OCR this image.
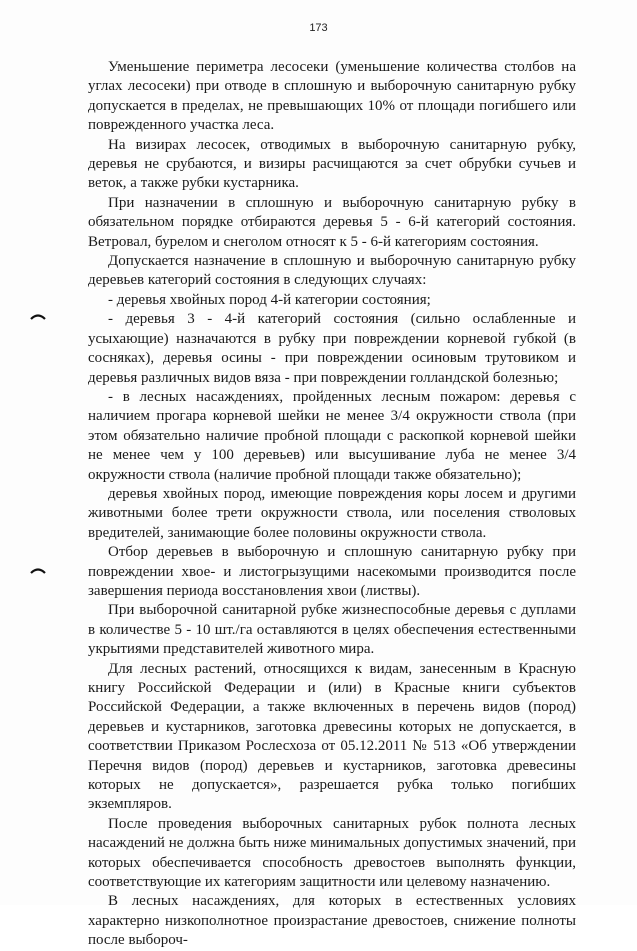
173

Уменьшение периметра лесосеки (уменьшение количества столбов на углах лесосеки) при отводе в сплошную и выборочную санитарную рубку допускается в пределах, не превышающих 10% от площади погибшего или поврежденного участка леса.

На визирах лесосек, отводимых в выборочную санитарную рубку, деревья не срубаются, и визиры расчищаются за счет обрубки сучьев и веток, а также рубки кустарника.

При назначении в сплошную и выборочную санитарную рубку в обязательном порядке отбираются деревья 5 - 6-й категорий состояния. Ветровал, бурелом и снеголом относят к 5 - 6-й категориям состояния.

Допускается назначение в сплошную и выборочную санитарную рубку деревьев категорий состояния в следующих случаях:

- деревья хвойных пород 4-й категории состояния;

- деревья 3 - 4-й категорий состояния (сильно ослабленные и усыхающие) назначаются в рубку при повреждении корневой губкой (в сосняках), деревья осины - при повреждении осиновым трутовиком и деревья различных видов вяза - при повреждении голландской болезнью;

- в лесных насаждениях, пройденных лесным пожаром: деревья с наличием прогара корневой шейки не менее 3/4 окружности ствола (при этом обязательно наличие пробной площади с раскопкой корневой шейки не менее чем у 100 деревьев) или высушивание луба не менее 3/4 окружности ствола (наличие пробной площади также обязательно);

деревья хвойных пород, имеющие повреждения коры лосем и другими животными более трети окружности ствола, или поселения стволовых вредителей, занимающие более половины окружности ствола.

Отбор деревьев в выборочную и сплошную санитарную рубку при повреждении хвое- и листогрызущими насекомыми производится после завершения периода восстановления хвои (листвы).

При выборочной санитарной рубке жизнеспособные деревья с дуплами в количестве 5 - 10 шт./га оставляются в целях обеспечения естественными укрытиями представителей животного мира.

Для лесных растений, относящихся к видам, занесенным в Красную книгу Российской Федерации и (или) в Красные книги субъектов Российской Федерации, а также включенных в перечень видов (пород) деревьев и кустарников, заготовка древесины которых не допускается, в соответствии Приказом Рослесхоза от 05.12.2011 № 513 «Об утверждении Перечня видов (пород) деревьев и кустарников, заготовка древесины которых не допускается», разрешается рубка только погибших экземпляров.

После проведения выборочных санитарных рубок полнота лесных насаждений не должна быть ниже минимальных допустимых значений, при которых обеспечивается способность древостоев выполнять функции, соответствующие их категориям защитности или целевому назначению.

В лесных насаждениях, для которых в естественных условиях характерно низкополнотное произрастание древостоев, снижение полноты после выбороч-
